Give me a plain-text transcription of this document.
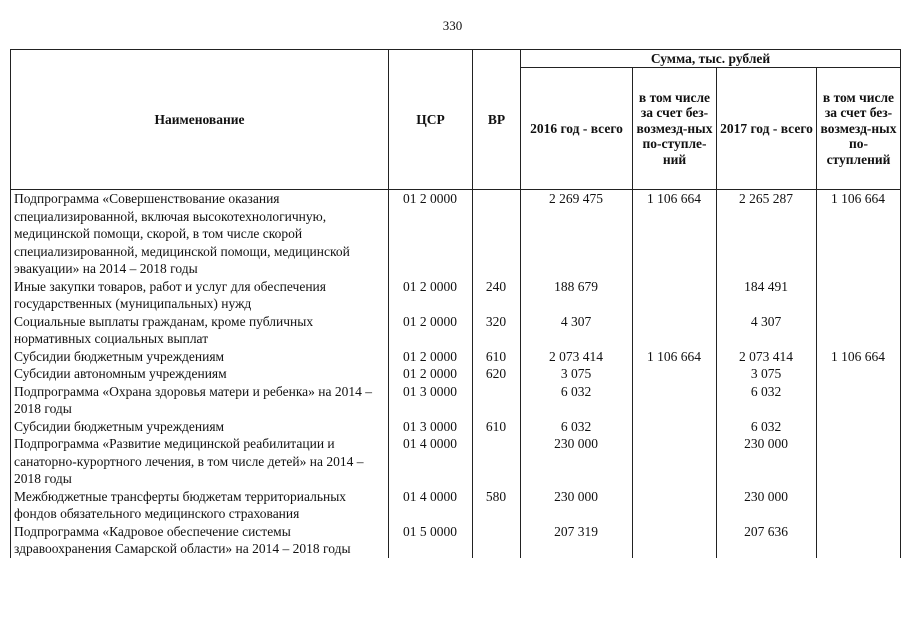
330
Наименование	ЦСР	ВР	Сумма, тыс. рублей			
			2016 год - всего	в том числе за счет без-возмезд-ных по-ступле-ний	2017 год - всего	в том числе за счет без-возмезд-ных по-ступлений
Подпрограмма «Совершенствование оказания специализированной, включая высокотехнологичную, медицинской помощи, скорой, в том числе скорой специализированной, медицинской помощи, медицинской эвакуации» на 2014 – 2018 годы	01 2 0000		2 269 475	1 106 664	2 265 287	1 106 664
Иные закупки товаров, работ и услуг для обеспечения государственных (муниципальных) нужд	01 2 0000	240	188 679		184 491	
Социальные выплаты гражданам, кроме публичных нормативных социальных выплат	01 2 0000	320	4 307		4 307	
Субсидии бюджетным учреждениям	01 2 0000	610	2 073 414	1 106 664	2 073 414	1 106 664
Субсидии автономным учреждениям	01 2 0000	620	3 075		3 075	
Подпрограмма «Охрана здоровья матери и ребенка» на 2014 – 2018 годы	01 3 0000		6 032		6 032	
Субсидии бюджетным учреждениям	01 3 0000	610	6 032		6 032	
Подпрограмма «Развитие медицинской реабилитации и санаторно-курортного лечения, в том числе детей» на 2014 – 2018 годы	01 4 0000		230 000		230 000	
Межбюджетные трансферты бюджетам территориальных фондов обязательного медицинского страхования	01 4 0000	580	230 000		230 000	
Подпрограмма «Кадровое обеспечение системы здравоохранения Самарской области» на 2014 – 2018 годы	01 5 0000		207 319		207 636	
